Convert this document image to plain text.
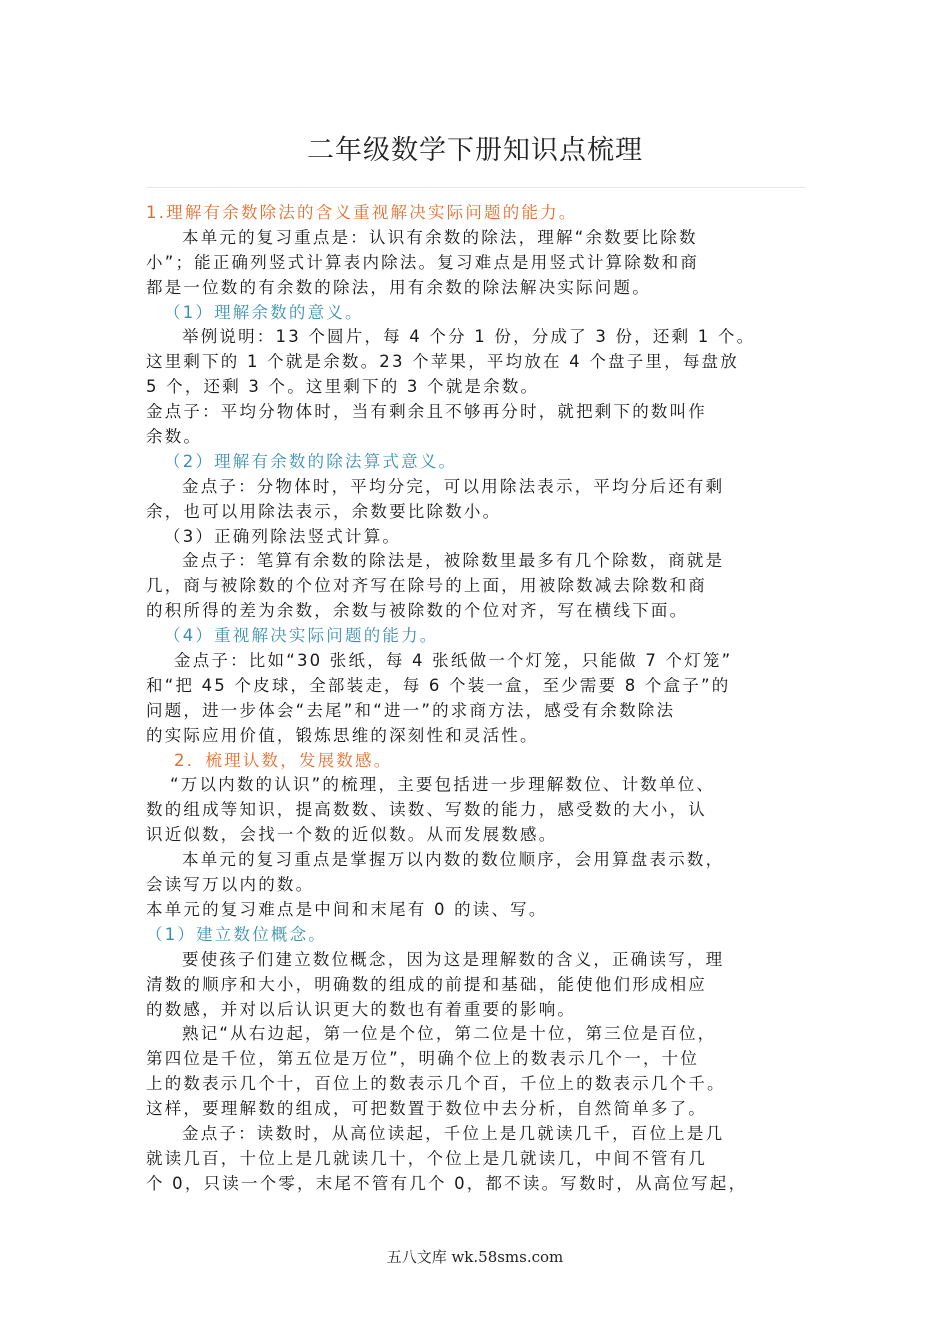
二年级数学下册知识点梳理
1.理解有余数除法的含义重视解决实际问题的能力。
本单元的复习重点是：认识有余数的除法，理解“余数要比除数
小”；能正确列竖式计算表内除法。复习难点是用竖式计算除数和商
都是一位数的有余数的除法，用有余数的除法解决实际问题。
（1）理解余数的意义。
举例说明：13 个圆片，每 4 个分 1 份，分成了 3 份，还剩 1 个。
这里剩下的 1 个就是余数。23 个苹果，平均放在 4 个盘子里，每盘放
5 个，还剩 3 个。这里剩下的 3 个就是余数。
金点子：平均分物体时，当有剩余且不够再分时，就把剩下的数叫作
余数。
（2）理解有余数的除法算式意义。
金点子：分物体时，平均分完，可以用除法表示，平均分后还有剩
余，也可以用除法表示，余数要比除数小。
（3）正确列除法竖式计算。
金点子：笔算有余数的除法是，被除数里最多有几个除数，商就是
几，商与被除数的个位对齐写在除号的上面，用被除数减去除数和商
的积所得的差为余数，余数与被除数的个位对齐，写在横线下面。
（4）重视解决实际问题的能力。
金点子：比如“30 张纸，每 4 张纸做一个灯笼，只能做 7 个灯笼”
和“把 45 个皮球，全部装走，每 6 个装一盒，至少需要 8 个盒子”的
问题，进一步体会“去尾”和“进一”的求商方法，感受有余数除法
的实际应用价值，锻炼思维的深刻性和灵活性。
2．梳理认数，发展数感。
“万以内数的认识”的梳理，主要包括进一步理解数位、计数单位、
数的组成等知识，提高数数、读数、写数的能力，感受数的大小，认
识近似数，会找一个数的近似数。从而发展数感。
本单元的复习重点是掌握万以内数的数位顺序，会用算盘表示数，
会读写万以内的数。
本单元的复习难点是中间和末尾有 0 的读、写。
（1）建立数位概念。
要使孩子们建立数位概念，因为这是理解数的含义，正确读写，理
清数的顺序和大小，明确数的组成的前提和基础，能使他们形成相应
的数感，并对以后认识更大的数也有着重要的影响。
熟记“从右边起，第一位是个位，第二位是十位，第三位是百位，
第四位是千位，第五位是万位”，明确个位上的数表示几个一，十位
上的数表示几个十，百位上的数表示几个百，千位上的数表示几个千。
这样，要理解数的组成，可把数置于数位中去分析，自然简单多了。
金点子：读数时，从高位读起，千位上是几就读几千，百位上是几
就读几百，十位上是几就读几十，个位上是几就读几，中间不管有几
个 0，只读一个零，末尾不管有几个 0，都不读。写数时，从高位写起，
五八文库 wk.58sms.com
